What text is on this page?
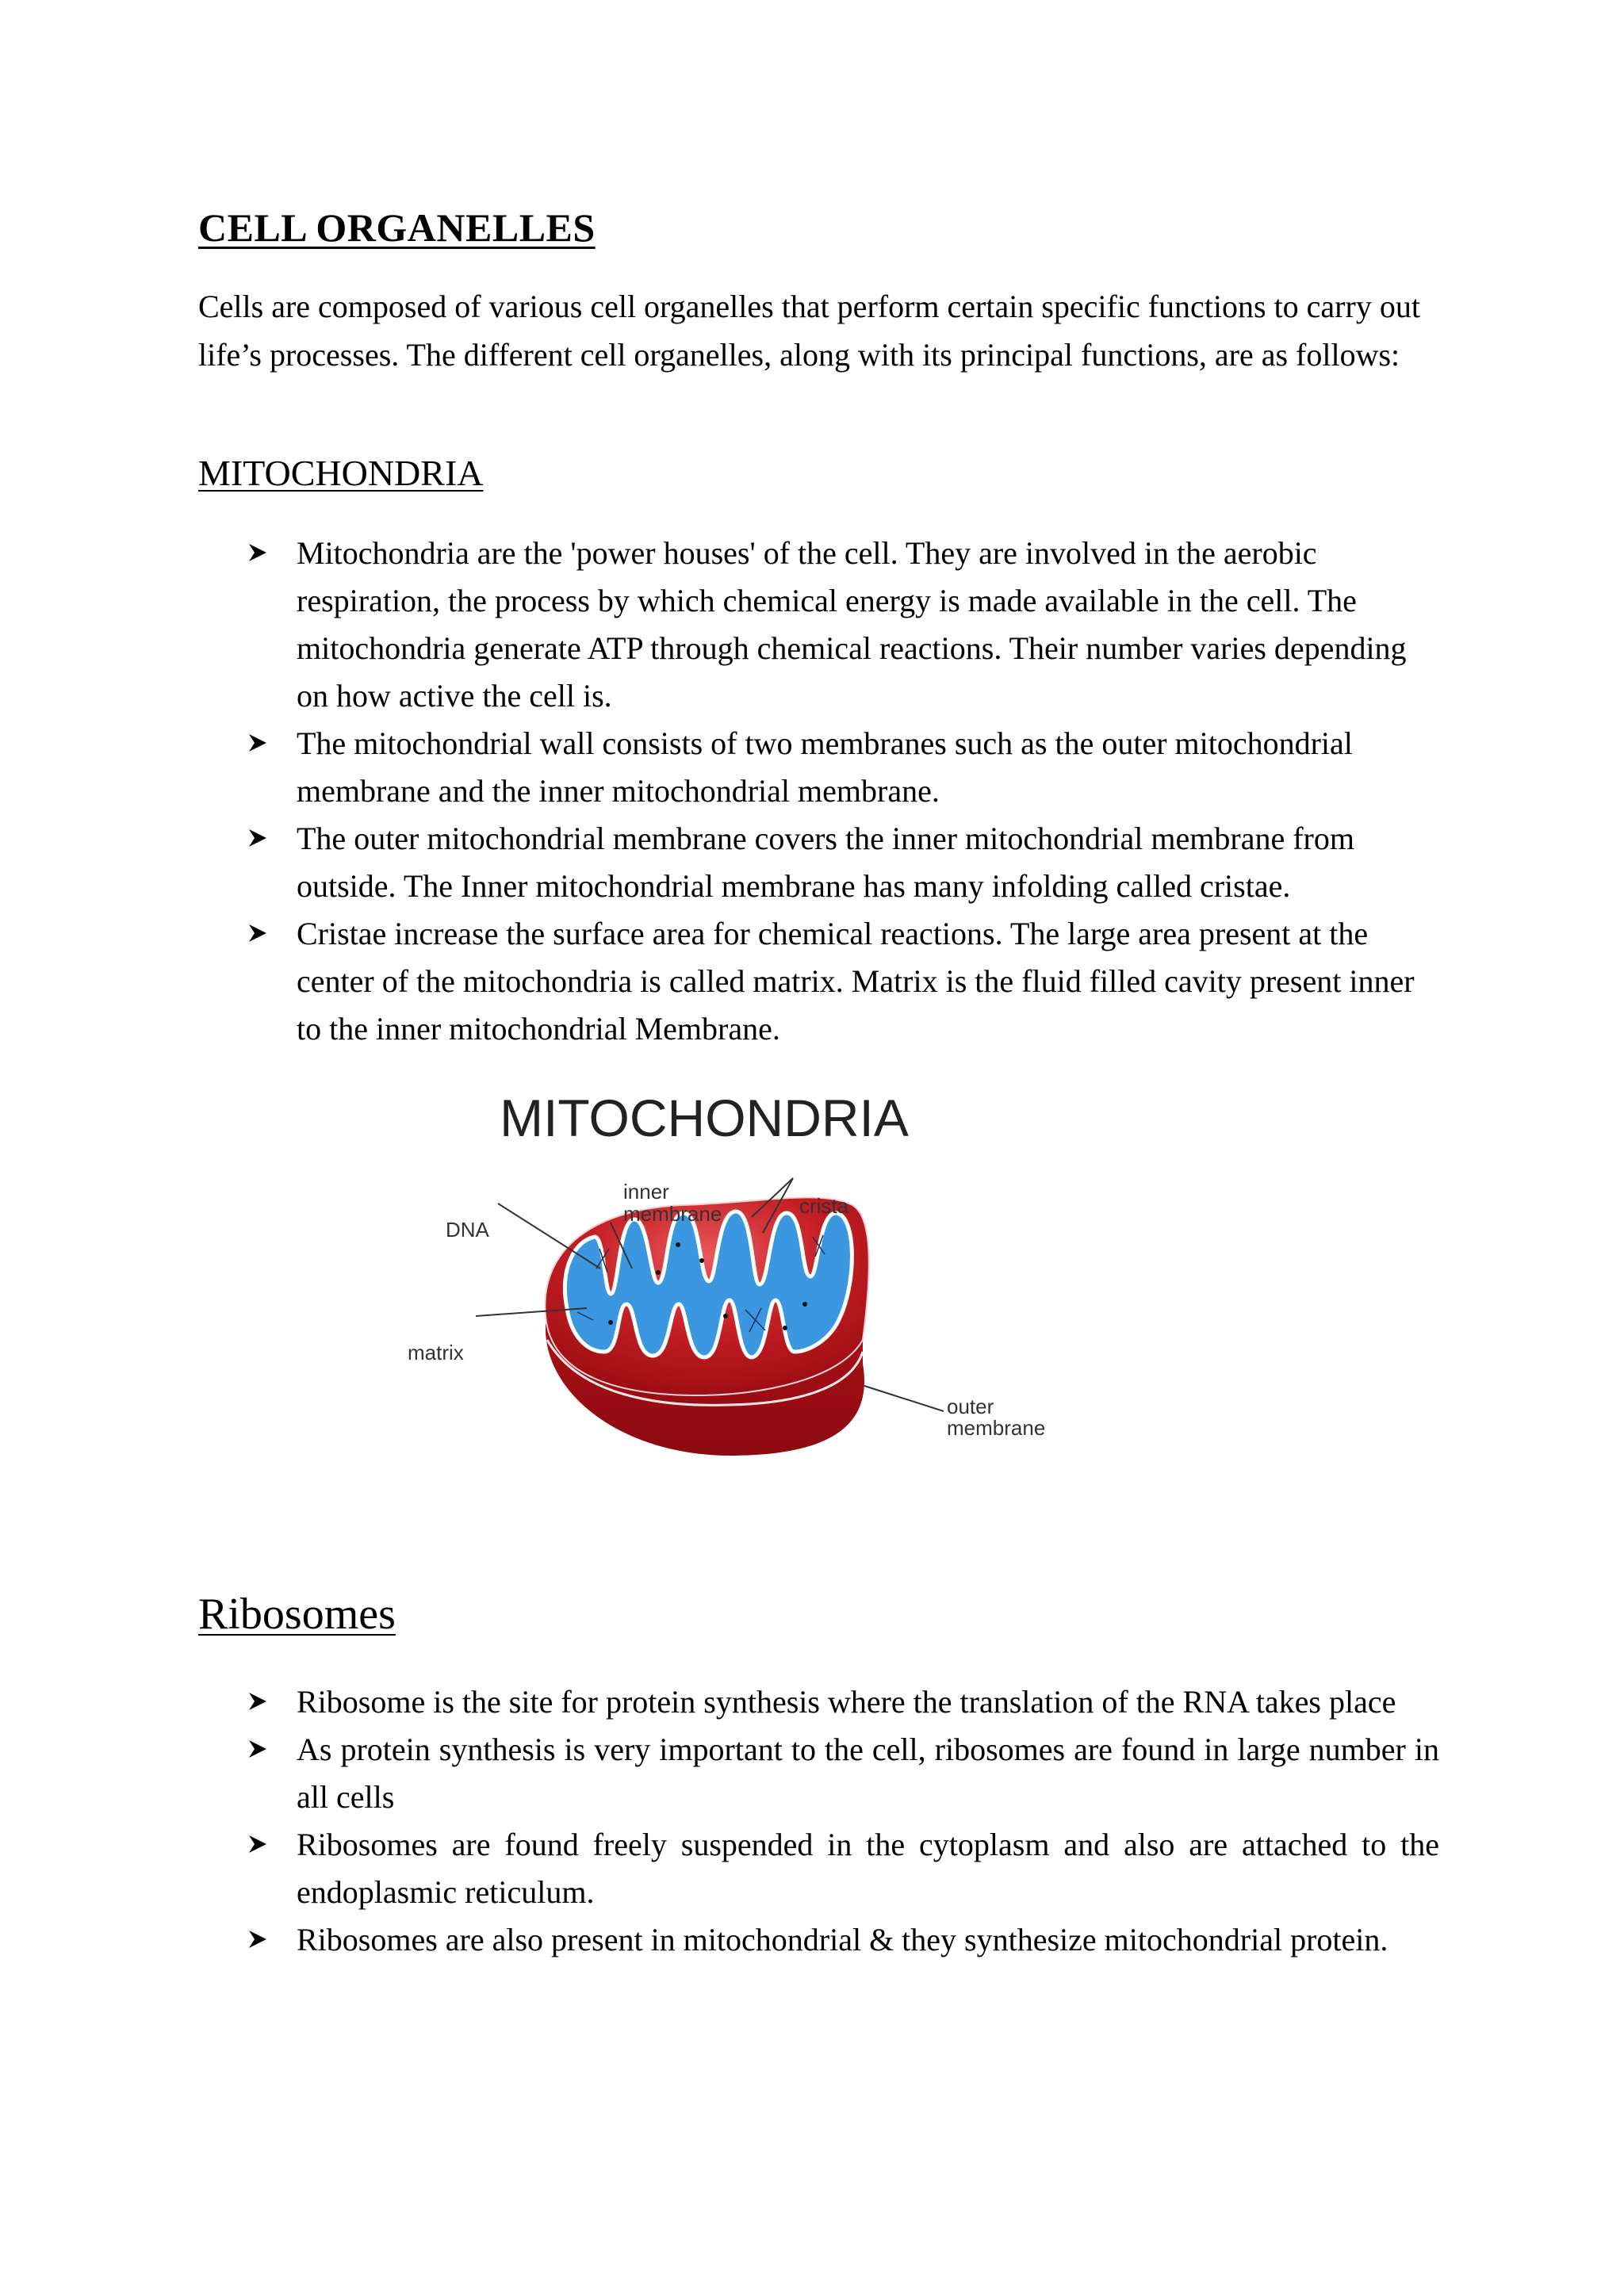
CELL ORGANELLES
Cells are composed of various cell organelles that perform certain specific functions to carry out life’s processes. The different cell organelles, along with its principal functions, are as follows:
MITOCHONDRIA
Mitochondria are the 'power houses' of the cell. They are involved in the aerobic respiration, the process by which chemical energy is made available in the cell. The mitochondria generate ATP through chemical reactions. Their number varies depending on how active the cell is.
The mitochondrial wall consists of two membranes such as the outer mitochondrial membrane and the inner mitochondrial membrane.
The outer mitochondrial membrane covers the inner mitochondrial membrane from outside. The Inner mitochondrial membrane has many infolding called cristae.
Cristae increase the surface area for chemical reactions. The large area present at the center of the mitochondria is called matrix. Matrix is the fluid filled cavity present inner to the inner mitochondrial Membrane.
MITOCHONDRIA
inner
membrane	crista
DNA
matrix
outer
membrane
Ribosomes
Ribosome is the site for protein synthesis where the translation of the RNA takes place
As protein synthesis is very important to the cell, ribosomes are found in large number in all cells
Ribosomes are found freely suspended in the cytoplasm and also are attached to the endoplasmic reticulum.
Ribosomes are also present in mitochondrial & they synthesize mitochondrial protein.
